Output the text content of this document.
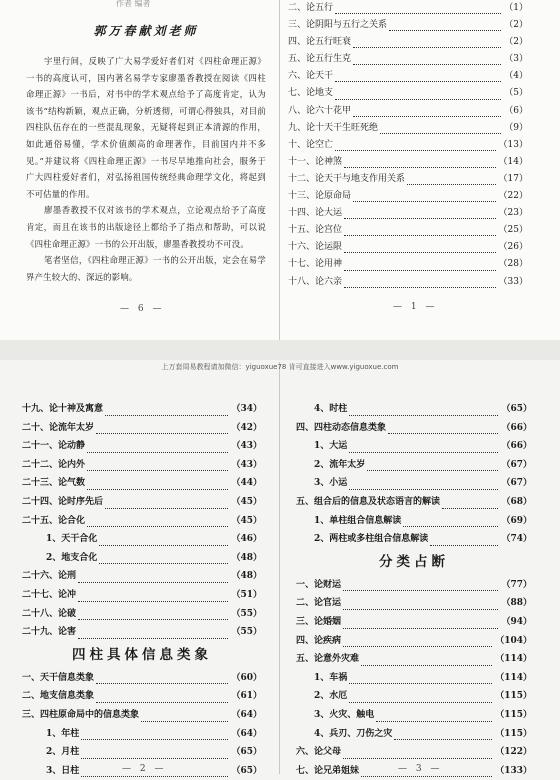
作者 编者
郭万春献刘老师

宇里行间，反映了广大易学爱好者们对《四柱命理正源》一书的高度认可，国内著名易学专家廖墨香教授在阅读《四柱命理正源》一书后，对书中的学术观点给予了高度肯定，认为该书“结构新颖，观点正确，分析透彻，可谓心得独具，对目前四柱队伍存在的一些混乱现象，无疑将起到正本清源的作用，如此通俗易懂，学术价值颇高的命理著作，目前国内并不多见。”并建议将《四柱命理正源》一书尽早地推向社会，服务于广大四柱爱好者们，对弘扬祖国传统经典命理学文化，将起到不可估量的作用。

廖墨香教授不仅对该书的学术观点，立论观点给予了高度肯定，而且在该书的出版途径上都给予了指点和帮助，可以说《四柱命理正源》一书的公开出版，廖墨香教授功不可没。

笔者坚信，《四柱命理正源》一书的公开出版，定会在易学界产生较大的、深远的影响。

— 6 —
二、论五行	（1）
三、论阴阳与五行之关系	（2）
四、论五行旺衰	（2）
五、论五行生克	（3）
六、论天干	（4）
七、论地支	（5）
八、论六十花甲	（6）
九、论十天干生旺死绝	（9）
十、论空亡	（13）
十一、论神煞	（14）
十二、论天干与地支作用关系	（17）
十三、论原命局	（22）
十四、论大运	（23）
十五、论宫位	（25）
十六、论运限	（26）
十七、论用神	（28）
十八、论六亲	（33）
— 1 —
上万套周易教程请加微信：yiguoxue78 肯可直接进入www.yiguoxue.com
十九、论十神及寓意	（34）
二十、论流年太岁	（42）
二十一、论动静	（43）
二十二、论内外	（43）
二十三、论气数	（44）
二十四、论时序先后	（45）
二十五、论合化	（45）
1、天干合化	（46）
2、地支合化	（48）
二十六、论刑	（48）
二十七、论冲	（51）
二十八、论破	（55）
二十九、论害	（55）
四柱具体信息类象
一、天干信息类象	（60）
二、地支信息类象	（61）
三、四柱原命局中的信息类象	（64）
1、年柱	（64）
2、月柱	（65）
3、日柱	（65）
— 2 —
4、时柱	（65）
四、四柱动态信息类象	（66）
1、大运	（66）
2、流年太岁	（67）
3、小运	（67）
五、组合后的信息及状态语言的解读	（68）
1、单柱组合信息解读	（69）
2、两柱或多柱组合信息解读	（74）
分类占断
一、论财运	（77）
二、论官运	（88）
三、论婚姻	（94）
四、论疾病	（104）
五、论意外灾难	（114）
1、车祸	（114）
2、水厄	（115）
3、火灾、触电	（115）
4、兵刃、刀伤之灾	（115）
六、论父母	（122）
七、论兄弟姐妹	（133）
— 3 —
